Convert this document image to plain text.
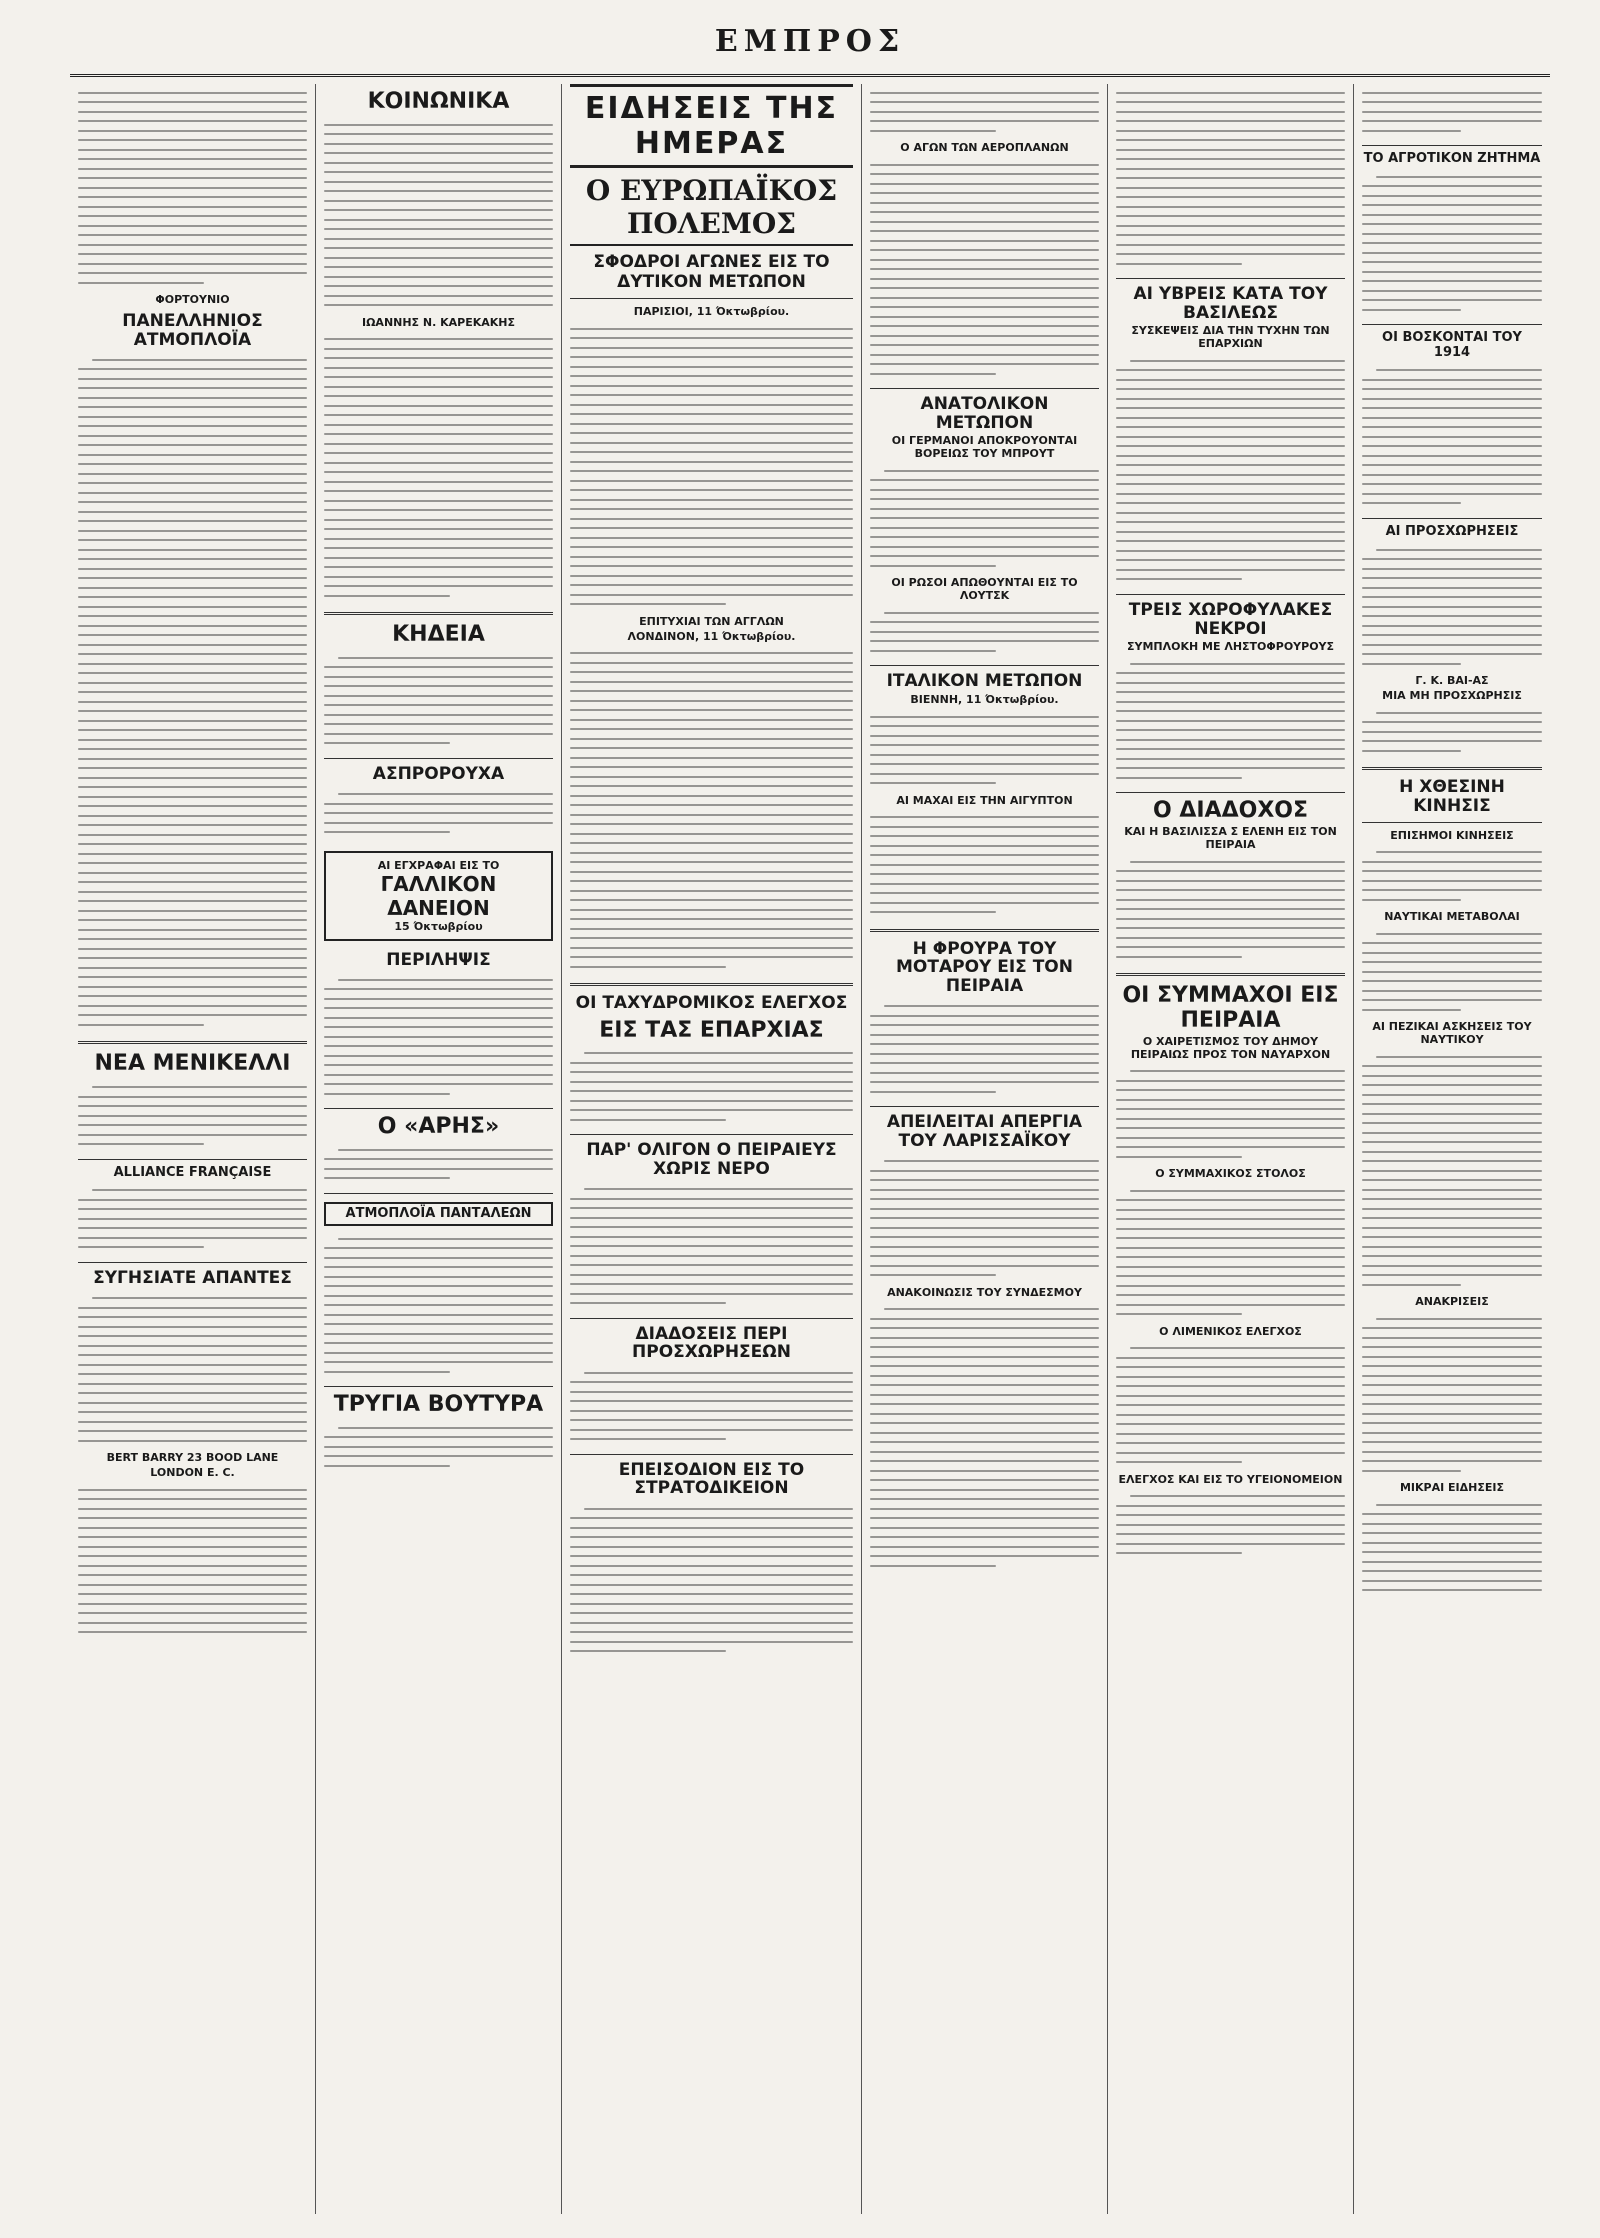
ΕΜΠΡΟΣ
ΦΟΡΤΟΥΝΙΟ
ΠΑΝΕΛΛΗΝΙΟΣ ΑΤΜΟΠΛΟΪΑ
ΝΕΑ ΜΕΝΙΚΕΛΛΙ
ALLIANCE FRANÇAISE
ΣΥΓΗΣΙΑΤΕ ΑΠΑΝΤΕΣ
BERT BARRY 23 BOOD LANE
LONDON E. C.
ΚΟΙΝΩΝΙΚΑ
ΙΩΑΝΝΗΣ Ν. ΚΑΡΕΚΑΚΗΣ
ΚΗΔΕΙΑ
ΑΣΠΡΟΡΟΥΧΑ
ΑΙ ΕΓΧΡΑΦΑΙ ΕΙΣ ΤΟ
ΓΑΛΛΙΚΟΝ ΔΑΝΕΙΟΝ
15 Όκτωβρίου
ΠΕΡΙΛΗΨΙΣ
Ο «ΑΡΗΣ»
ΑΤΜΟΠΛΟΪΑ ΠΑΝΤΑΛΕΩΝ
ΤΡΥΓΙΑ ΒΟΥΤΥΡΑ
ΕΙΔΗΣΕΙΣ ΤΗΣ ΗΜΕΡΑΣ
Ο ΕΥΡΩΠΑΪΚΟΣ ΠΟΛΕΜΟΣ
ΣΦΟΔΡΟΙ ΑΓΩΝΕΣ ΕΙΣ ΤΟ ΔΥΤΙΚΟΝ ΜΕΤΩΠΟΝ
ΠΑΡΙΣΙΟΙ, 11 Όκτωβρίου.
ΕΠΙΤΥΧΙΑΙ ΤΩΝ ΑΓΓΛΩΝ
ΛΟΝΔΙΝΟΝ, 11 Όκτωβρίου.
ΟΙ ΤΑΧΥΔΡΟΜΙΚΟΣ ΕΛΕΓΧΟΣ
ΕΙΣ ΤΑΣ ΕΠΑΡΧΙΑΣ
ΠΑΡ' ΟΛΙΓΟΝ Ο ΠΕΙΡΑΙΕΥΣ ΧΩΡΙΣ ΝΕΡΟ
ΔΙΑΔΟΣΕΙΣ ΠΕΡΙ ΠΡΟΣΧΩΡΗΣΕΩΝ
ΕΠΕΙΣΟΔΙΟΝ ΕΙΣ ΤΟ ΣΤΡΑΤΟΔΙΚΕΙΟΝ
Ο ΑΓΩΝ ΤΩΝ ΑΕΡΟΠΛΑΝΩΝ
ΑΝΑΤΟΛΙΚΟΝ ΜΕΤΩΠΟΝ
ΟΙ ΓΕΡΜΑΝΟΙ ΑΠΟΚΡΟΥΟΝΤΑΙ ΒΟΡΕΙΩΣ ΤΟΥ ΜΠΡΟΥΤ
ΟΙ ΡΩΣΟΙ ΑΠΩΘΟΥΝΤΑΙ ΕΙΣ ΤΟ ΛΟΥΤΣΚ
ΙΤΑΛΙΚΟΝ ΜΕΤΩΠΟΝ
ΒΙΕΝΝΗ, 11 Όκτωβρίου.
ΑΙ ΜΑΧΑΙ ΕΙΣ ΤΗΝ ΑΙΓΥΠΤΟΝ
Η ΦΡΟΥΡΑ ΤΟΥ ΜΟΤΑΡΟΥ ΕΙΣ ΤΟΝ ΠΕΙΡΑΙΑ
ΑΠΕΙΛΕΙΤΑΙ ΑΠΕΡΓΙΑ ΤΟΥ ΛΑΡΙΣΣΑΪΚΟΥ
ΑΝΑΚΟΙΝΩΣΙΣ ΤΟΥ ΣΥΝΔΕΣΜΟΥ
ΑΙ ΥΒΡΕΙΣ ΚΑΤΑ ΤΟΥ ΒΑΣΙΛΕΩΣ
ΣΥΣΚΕΨΕΙΣ ΔΙΑ ΤΗΝ ΤΥΧΗΝ ΤΩΝ ΕΠΑΡΧΙΩΝ
ΤΡΕΙΣ ΧΩΡΟΦΥΛΑΚΕΣ ΝΕΚΡΟΙ
ΣΥΜΠΛΟΚΗ ΜΕ ΛΗΣΤΟΦΡΟΥΡΟΥΣ
Ο ΔΙΑΔΟΧΟΣ
ΚΑΙ Η ΒΑΣΙΛΙΣΣΑ Σ ΕΛΕΝΗ ΕΙΣ ΤΟΝ ΠΕΙΡΑΙΑ
ΟΙ ΣΥΜΜΑΧΟΙ ΕΙΣ ΠΕΙΡΑΙΑ
Ο ΧΑΙΡΕΤΙΣΜΟΣ ΤΟΥ ΔΗΜΟΥ ΠΕΙΡΑΙΩΣ ΠΡΟΣ ΤΟΝ ΝΑΥΑΡΧΟΝ
Ο ΣΥΜΜΑΧΙΚΟΣ ΣΤΟΛΟΣ
Ο ΛΙΜΕΝΙΚΟΣ ΕΛΕΓΧΟΣ
ΕΛΕΓΧΟΣ ΚΑΙ ΕΙΣ ΤΟ ΥΓΕΙΟΝΟΜΕΙΟΝ
ΤΟ ΑΓΡΟΤΙΚΟΝ ΖΗΤΗΜΑ
ΟΙ ΒΟΣΚΟΝΤΑΙ ΤΟΥ 1914
ΑΙ ΠΡΟΣΧΩΡΗΣΕΙΣ
Γ. Κ. ΒΑΙ-ΑΣ
ΜΙΑ ΜΗ ΠΡΟΣΧΩΡΗΣΙΣ
Η ΧΘΕΣΙΝΗ ΚΙΝΗΣΙΣ
ΕΠΙΣΗΜΟΙ ΚΙΝΗΣΕΙΣ
ΝΑΥΤΙΚΑΙ ΜΕΤΑΒΟΛΑΙ
ΑΙ ΠΕΖΙΚΑΙ ΑΣΚΗΣΕΙΣ ΤΟΥ ΝΑΥΤΙΚΟΥ
ΑΝΑΚΡΙΣΕΙΣ
ΜΙΚΡΑΙ ΕΙΔΗΣΕΙΣ
